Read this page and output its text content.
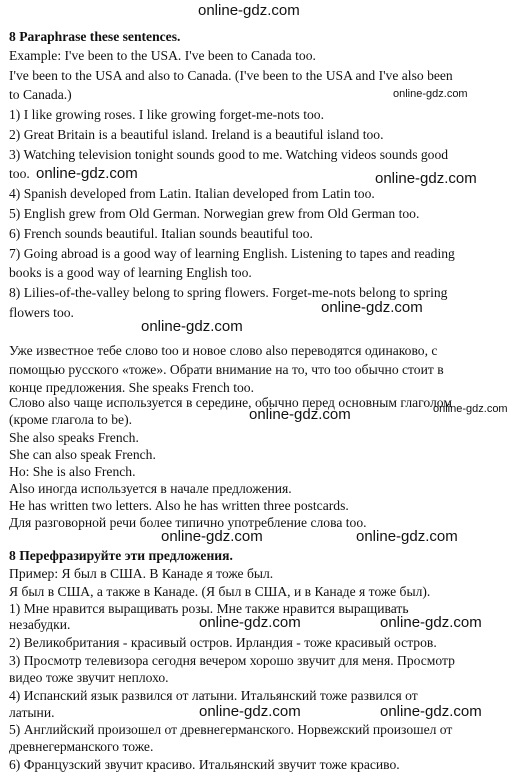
online-gdz.com
online-gdz.com
online-gdz.com	online-gdz.com
online-gdz.com
online-gdz.com
online-gdz.com
online-gdz.com
online-gdz.com	online-gdz.com
online-gdz.com	online-gdz.com
online-gdz.com	online-gdz.com
8 Paraphrase these sentences.
Example: I've been to the USA. I've been to Canada too.
I've been to the USA and also to Canada. (I've been to the USA and I've also been
to Canada.)
1) I like growing roses. I like growing forget-me-nots too.
2) Great Britain is a beautiful island. Ireland is a beautiful island too.
3) Watching television tonight sounds good to me. Watching videos sounds good
too.
4) Spanish developed from Latin. Italian developed from Latin too.
5) English grew from Old German. Norwegian grew from Old German too.
6) French sounds beautiful. Italian sounds beautiful too.
7) Going abroad is a good way of learning English. Listening to tapes and reading
books is a good way of learning English too.
8) Lilies-of-the-valley belong to spring flowers. Forget-me-nots belong to spring
flowers too.
Уже известное тебе слово too и новое слово also переводятся одинаково, с
помощью русского «тоже». Обрати внимание на то, что too обычно стоит в
конце предложения. She speaks French too.
Слово also чаще используется в середине, обычно перед основным глаголом
(кроме глагола to be).
She also speaks French.
She can also speak French.
Но: She is also French.
Also иногда используется в начале предложения.
He has written two letters. Also he has written three postcards.
Для разговорной речи более типично употребление слова too.
8 Перефразируйте эти предложения.
Пример: Я был в США. В Канаде я тоже был.
Я был в США, а также в Канаде. (Я был в США, и в Канаде я тоже был).
1) Мне нравится выращивать розы. Мне также нравится выращивать
незабудки.
2) Великобритания - красивый остров. Ирландия - тоже красивый остров.
3) Просмотр телевизора сегодня вечером хорошо звучит для меня. Просмотр
видео тоже звучит неплохо.
4) Испанский язык развился от латыни. Итальянский тоже развился от
латыни.
5) Английский произошел от древнегерманского. Норвежский произошел от
древнегерманского тоже.
6) Французский звучит красиво. Итальянский звучит тоже красиво.
